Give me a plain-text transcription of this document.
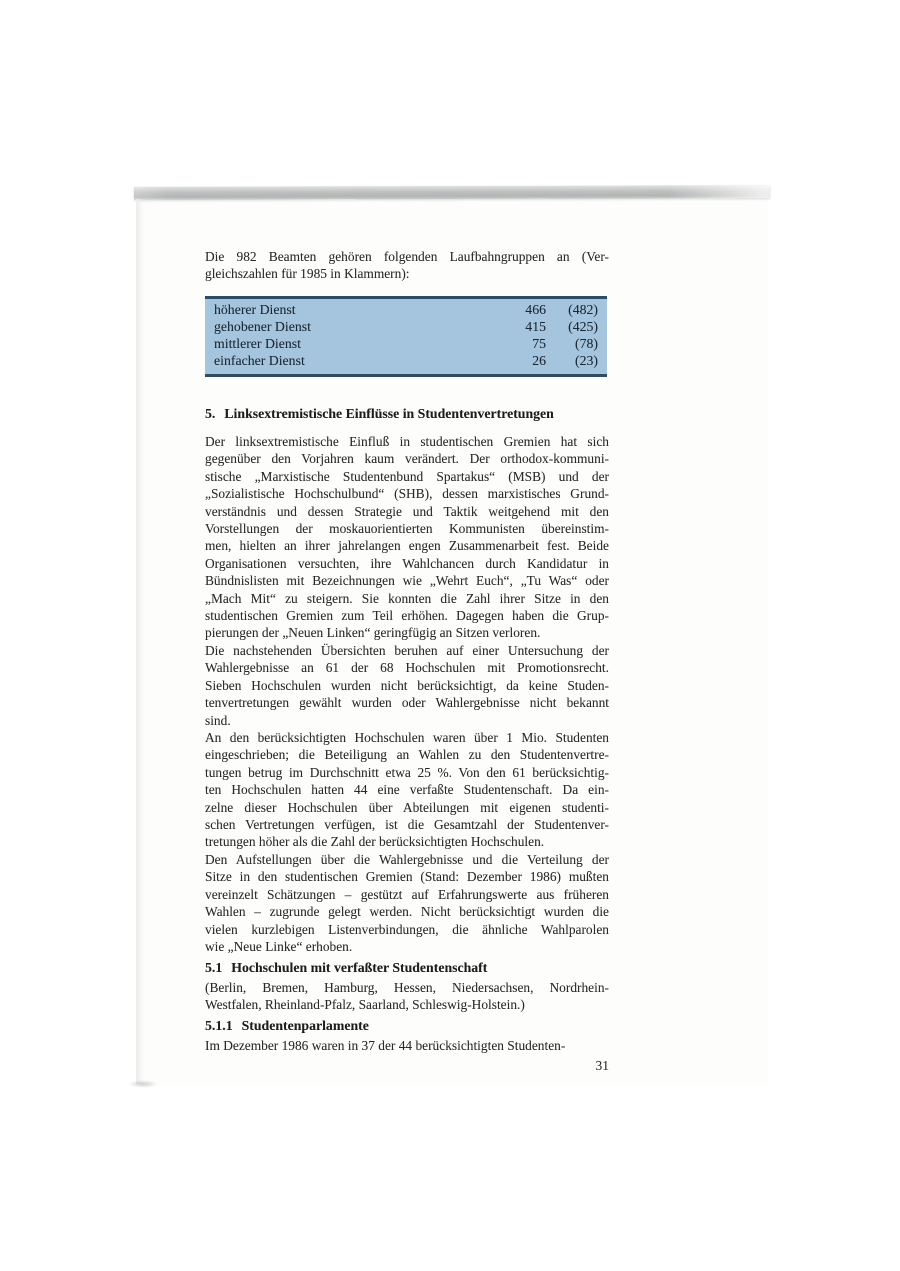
Die 982 Beamten gehören folgenden Laufbahngruppen an (Ver-
gleichszahlen für 1985 in Klammern):
höherer Dienst	466	(482)
gehobener Dienst	415	(425)
mittlerer Dienst	75	(78)
einfacher Dienst	26	(23)
5. Linksextremistische Einflüsse in Studentenvertretungen
Der linksextremistische Einfluß in studentischen Gremien hat sich
gegenüber den Vorjahren kaum verändert. Der orthodox-kommuni-
stische „Marxistische Studentenbund Spartakus“ (MSB) und der
„Sozialistische Hochschulbund“ (SHB), dessen marxistisches Grund-
verständnis und dessen Strategie und Taktik weitgehend mit den
Vorstellungen der moskauorientierten Kommunisten übereinstim-
men, hielten an ihrer jahrelangen engen Zusammenarbeit fest. Beide
Organisationen versuchten, ihre Wahlchancen durch Kandidatur in
Bündnislisten mit Bezeichnungen wie „Wehrt Euch“, „Tu Was“ oder
„Mach Mit“ zu steigern. Sie konnten die Zahl ihrer Sitze in den
studentischen Gremien zum Teil erhöhen. Dagegen haben die Grup-
pierungen der „Neuen Linken“ geringfügig an Sitzen verloren.
Die nachstehenden Übersichten beruhen auf einer Untersuchung der
Wahlergebnisse an 61 der 68 Hochschulen mit Promotionsrecht.
Sieben Hochschulen wurden nicht berücksichtigt, da keine Studen-
tenvertretungen gewählt wurden oder Wahlergebnisse nicht bekannt
sind.
An den berücksichtigten Hochschulen waren über 1 Mio. Studenten
eingeschrieben; die Beteiligung an Wahlen zu den Studentenvertre-
tungen betrug im Durchschnitt etwa 25 %. Von den 61 berücksichtig-
ten Hochschulen hatten 44 eine verfaßte Studentenschaft. Da ein-
zelne dieser Hochschulen über Abteilungen mit eigenen studenti-
schen Vertretungen verfügen, ist die Gesamtzahl der Studentenver-
tretungen höher als die Zahl der berücksichtigten Hochschulen.
Den Aufstellungen über die Wahlergebnisse und die Verteilung der
Sitze in den studentischen Gremien (Stand: Dezember 1986) mußten
vereinzelt Schätzungen – gestützt auf Erfahrungswerte aus früheren
Wahlen – zugrunde gelegt werden. Nicht berücksichtigt wurden die
vielen kurzlebigen Listenverbindungen, die ähnliche Wahlparolen
wie „Neue Linke“ erhoben.
5.1 Hochschulen mit verfaßter Studentenschaft
(Berlin, Bremen, Hamburg, Hessen, Niedersachsen, Nordrhein-
Westfalen, Rheinland-Pfalz, Saarland, Schleswig-Holstein.)
5.1.1 Studentenparlamente
Im Dezember 1986 waren in 37 der 44 berücksichtigten Studenten-
31
